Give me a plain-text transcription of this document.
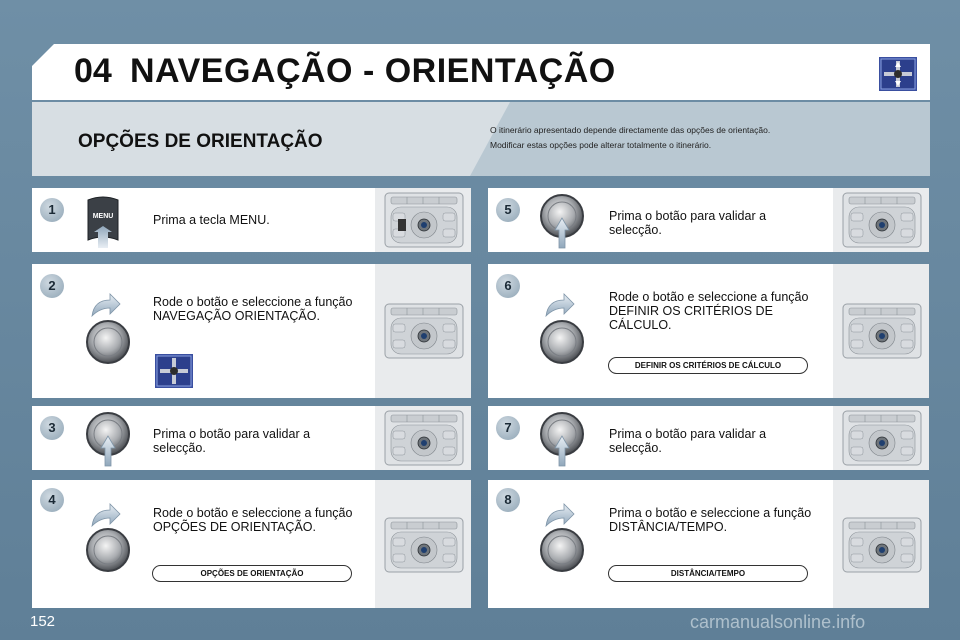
04 NAVEGAÇÃO - ORIENTAÇÃO
OPÇÕES DE ORIENTAÇÃO
O itinerário apresentado depende directamente das opções de orientação.
Modificar estas opções pode alterar totalmente o itinerário.
1	MENU	Prima a tecla MENU.
2
Rode o botão e seleccione a função
NAVEGAÇÃO ORIENTAÇÃO.
3	Prima o botão para validar a
selecção.
4
Rode o botão e seleccione a função
OPÇÕES DE ORIENTAÇÃO.
OPÇÕES DE ORIENTAÇÃO
5	Prima o botão para validar a
selecção.
6
Rode o botão e seleccione a função
DEFINIR OS CRITÉRIOS DE
CÁLCULO.
DEFINIR OS CRITÉRIOS DE CÁLCULO
7	Prima o botão para validar a
selecção.
8
Prima o botão e seleccione a função
DISTÂNCIA/TEMPO.
DISTÂNCIA/TEMPO
152	carmanualsonline.info
